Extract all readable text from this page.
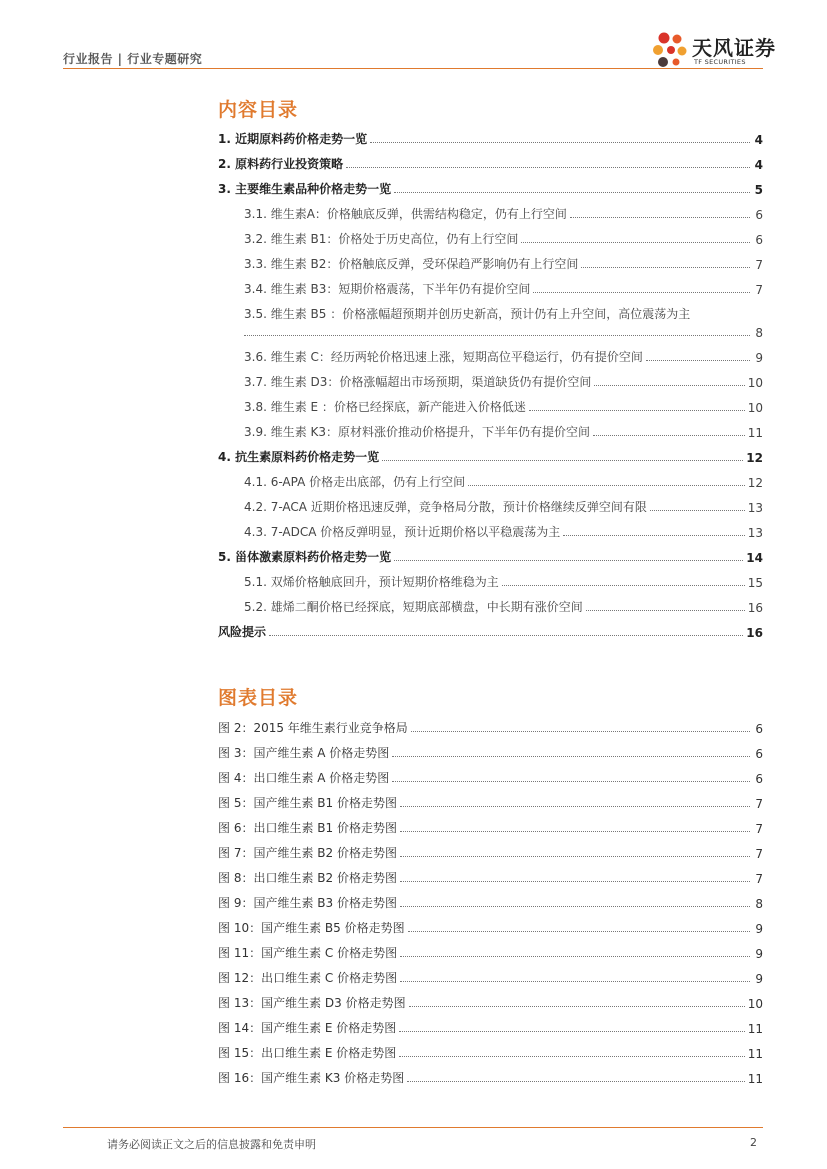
行业报告 | 行业专题研究	天风证券
TF SECURITIES
内容目录
1. 近期原料药价格走势一览	4
2. 原料药行业投资策略	4
3. 主要维生素品种价格走势一览	5
3.1. 维生素A：价格触底反弹，供需结构稳定，仍有上行空间	6
3.2. 维生素 B1：价格处于历史高位，仍有上行空间	6
3.3. 维生素 B2：价格触底反弹，受环保趋严影响仍有上行空间	7
3.4. 维生素 B3：短期价格震荡，下半年仍有提价空间	7
3.5. 维生素 B5 ：价格涨幅超预期并创历史新高，预计仍有上升空间，高位震荡为主
8
3.6. 维生素 C：经历两轮价格迅速上涨，短期高位平稳运行，仍有提价空间	9
3.7. 维生素 D3：价格涨幅超出市场预期，渠道缺货仍有提价空间	10
3.8. 维生素 E ：价格已经探底，新产能进入价格低迷	10
3.9. 维生素 K3：原材料涨价推动价格提升，下半年仍有提价空间	11
4. 抗生素原料药价格走势一览	12
4.1. 6-APA 价格走出底部，仍有上行空间	12
4.2. 7-ACA 近期价格迅速反弹，竞争格局分散，预计价格继续反弹空间有限	13
4.3. 7-ADCA 价格反弹明显，预计近期价格以平稳震荡为主	13
5. 甾体激素原料药价格走势一览	14
5.1. 双烯价格触底回升，预计短期价格维稳为主	15
5.2. 雄烯二酮价格已经探底，短期底部横盘，中长期有涨价空间	16
风险提示	16
图表目录
图 2：2015 年维生素行业竞争格局	6
图 3：国产维生素 A 价格走势图	6
图 4：出口维生素 A 价格走势图	6
图 5：国产维生素 B1 价格走势图	7
图 6：出口维生素 B1 价格走势图	7
图 7：国产维生素 B2 价格走势图	7
图 8：出口维生素 B2 价格走势图	7
图 9：国产维生素 B3 价格走势图	8
图 10：国产维生素 B5 价格走势图	9
图 11：国产维生素 C 价格走势图	9
图 12：出口维生素 C 价格走势图	9
图 13：国产维生素 D3 价格走势图	10
图 14：国产维生素 E 价格走势图	11
图 15：出口维生素 E 价格走势图	11
图 16：国产维生素 K3 价格走势图	11
请务必阅读正文之后的信息披露和免责申明	2
